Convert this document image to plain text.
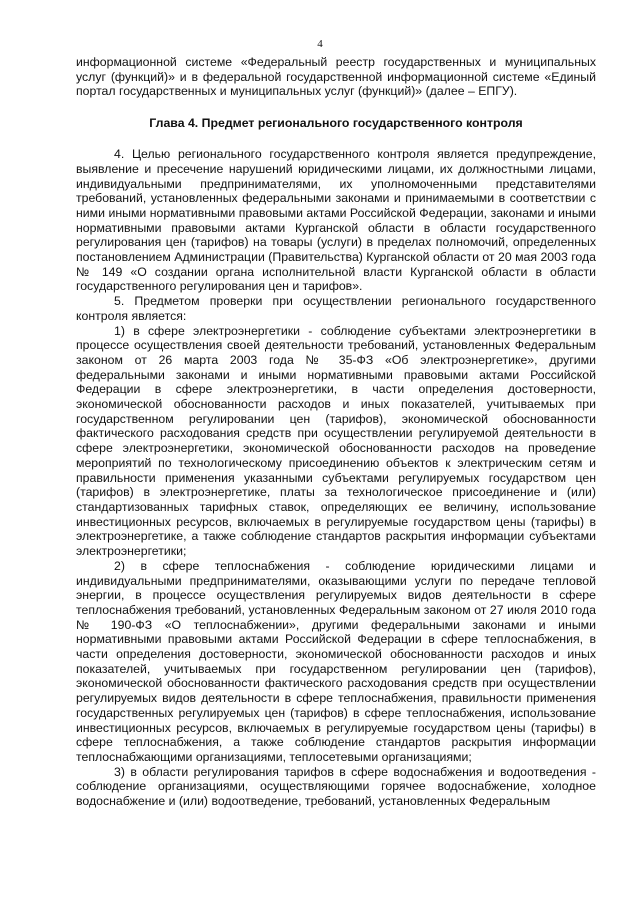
4

информационной системе «Федеральный реестр государственных и муниципальных услуг (функций)» и в федеральной государственной информационной системе «Единый портал государственных и муниципальных услуг (функций)» (далее – ЕПГУ).

Глава 4. Предмет регионального государственного контроля

4. Целью регионального государственного контроля является предупреждение, выявление и пресечение нарушений юридическими лицами, их должностными лицами, индивидуальными предпринимателями, их уполномоченными представителями требований, установленных федеральными законами и принимаемыми в соответствии с ними иными нормативными правовыми актами Российской Федерации, законами и иными нормативными правовыми актами Курганской области в области государственного регулирования цен (тарифов) на товары (услуги) в пределах полномочий, определенных постановлением Администрации (Правительства) Курганской области от 20 мая 2003 года № 149 «О создании органа исполнительной власти Курганской области в области государственного регулирования цен и тарифов».

5. Предметом проверки при осуществлении регионального государственного контроля является:

1) в сфере электроэнергетики - соблюдение субъектами электроэнергетики в процессе осуществления своей деятельности требований, установленных Федеральным законом от 26 марта 2003 года № 35-ФЗ «Об электроэнергетике», другими федеральными законами и иными нормативными правовыми актами Российской Федерации в сфере электроэнергетики, в части определения достоверности, экономической обоснованности расходов и иных показателей, учитываемых при государственном регулировании цен (тарифов), экономической обоснованности фактического расходования средств при осуществлении регулируемой деятельности в сфере электроэнергетики, экономической обоснованности расходов на проведение мероприятий по технологическому присоединению объектов к электрическим сетям и правильности применения указанными субъектами регулируемых государством цен (тарифов) в электроэнергетике, платы за технологическое присоединение и (или) стандартизованных тарифных ставок, определяющих ее величину, использование инвестиционных ресурсов, включаемых в регулируемые государством цены (тарифы) в электроэнергетике, а также соблюдение стандартов раскрытия информации субъектами электроэнергетики;

2) в сфере теплоснабжения - соблюдение юридическими лицами и индивидуальными предпринимателями, оказывающими услуги по передаче тепловой энергии, в процессе осуществления регулируемых видов деятельности в сфере теплоснабжения требований, установленных Федеральным законом от 27 июля 2010 года № 190-ФЗ «О теплоснабжении», другими федеральными законами и иными нормативными правовыми актами Российской Федерации в сфере теплоснабжения, в части определения достоверности, экономической обоснованности расходов и иных показателей, учитываемых при государственном регулировании цен (тарифов), экономической обоснованности фактического расходования средств при осуществлении регулируемых видов деятельности в сфере теплоснабжения, правильности применения государственных регулируемых цен (тарифов) в сфере теплоснабжения, использование инвестиционных ресурсов, включаемых в регулируемые государством цены (тарифы) в сфере теплоснабжения, а также соблюдение стандартов раскрытия информации теплоснабжающими организациями, теплосетевыми организациями;

3) в области регулирования тарифов в сфере водоснабжения и водоотведения - соблюдение организациями, осуществляющими горячее водоснабжение, холодное водоснабжение и (или) водоотведение, требований, установленных Федеральным
